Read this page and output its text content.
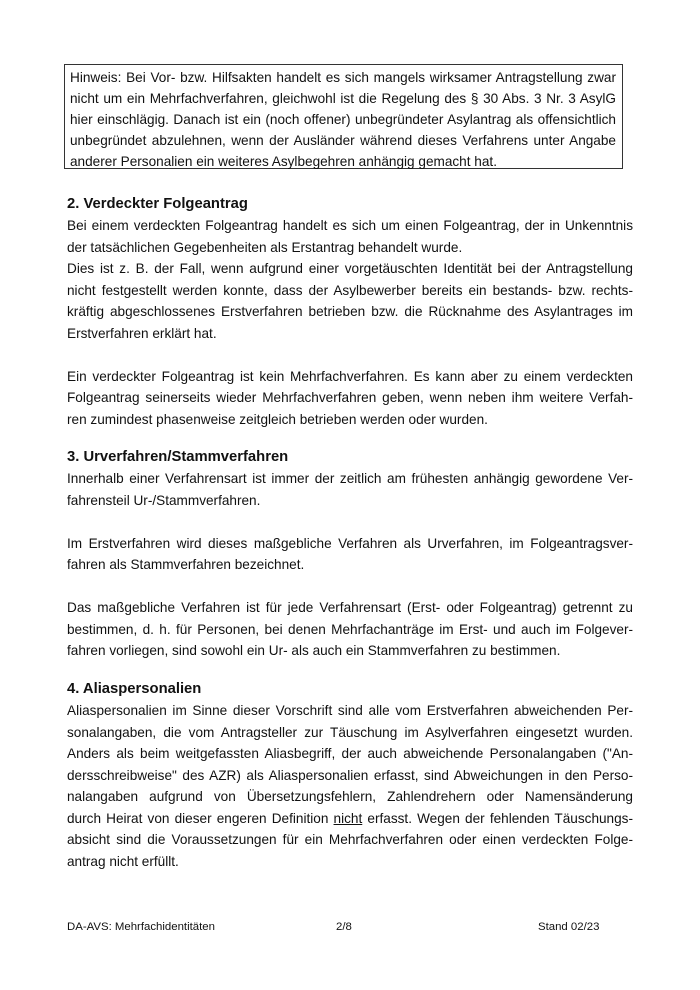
Hinweis: Bei Vor- bzw. Hilfsakten handelt es sich mangels wirksamer Antragstellung zwar
nicht um ein Mehrfachverfahren, gleichwohl ist die Regelung des § 30 Abs. 3 Nr. 3 AsylG
hier einschlägig. Danach ist ein (noch offener) unbegründeter Asylantrag als offensichtlich
unbegründet abzulehnen, wenn der Ausländer während dieses Verfahrens unter Angabe
anderer Personalien ein weiteres Asylbegehren anhängig gemacht hat.
2. Verdeckter Folgeantrag

Bei einem verdeckten Folgeantrag handelt es sich um einen Folgeantrag, der in Unkenntnis
der tatsächlichen Gegebenheiten als Erstantrag behandelt wurde.

Dies ist z. B. der Fall, wenn aufgrund einer vorgetäuschten Identität bei der Antragstellung
nicht festgestellt werden konnte, dass der Asylbewerber bereits ein bestands- bzw. rechts-
kräftig abgeschlossenes Erstverfahren betrieben bzw. die Rücknahme des Asylantrages im
Erstverfahren erklärt hat.

Ein verdeckter Folgeantrag ist kein Mehrfachverfahren. Es kann aber zu einem verdeckten
Folgeantrag seinerseits wieder Mehrfachverfahren geben, wenn neben ihm weitere Verfah-
ren zumindest phasenweise zeitgleich betrieben werden oder wurden.

3. Urverfahren/Stammverfahren

Innerhalb einer Verfahrensart ist immer der zeitlich am frühesten anhängig gewordene Ver-
fahrensteil Ur-/Stammverfahren.

Im Erstverfahren wird dieses maßgebliche Verfahren als Urverfahren, im Folgeantragsver-
fahren als Stammverfahren bezeichnet.

Das maßgebliche Verfahren ist für jede Verfahrensart (Erst- oder Folgeantrag) getrennt zu
bestimmen, d. h. für Personen, bei denen Mehrfachanträge im Erst- und auch im Folgever-
fahren vorliegen, sind sowohl ein Ur- als auch ein Stammverfahren zu bestimmen.

4. Aliaspersonalien

Aliaspersonalien im Sinne dieser Vorschrift sind alle vom Erstverfahren abweichenden Per-
sonalangaben, die vom Antragsteller zur Täuschung im Asylverfahren eingesetzt wurden.
Anders als beim weitgefassten Aliasbegriff, der auch abweichende Personalangaben ("An-
dersschreibweise" des AZR) als Aliaspersonalien erfasst, sind Abweichungen in den Perso-
nalangaben aufgrund von Übersetzungsfehlern, Zahlendrehern oder Namensänderung
durch Heirat von dieser engeren Definition nicht erfasst. Wegen der fehlenden Täuschungs-
absicht sind die Voraussetzungen für ein Mehrfachverfahren oder einen verdeckten Folge-
antrag nicht erfüllt.

DA-AVS: Mehrfachidentitäten	2/8	Stand 02/23
